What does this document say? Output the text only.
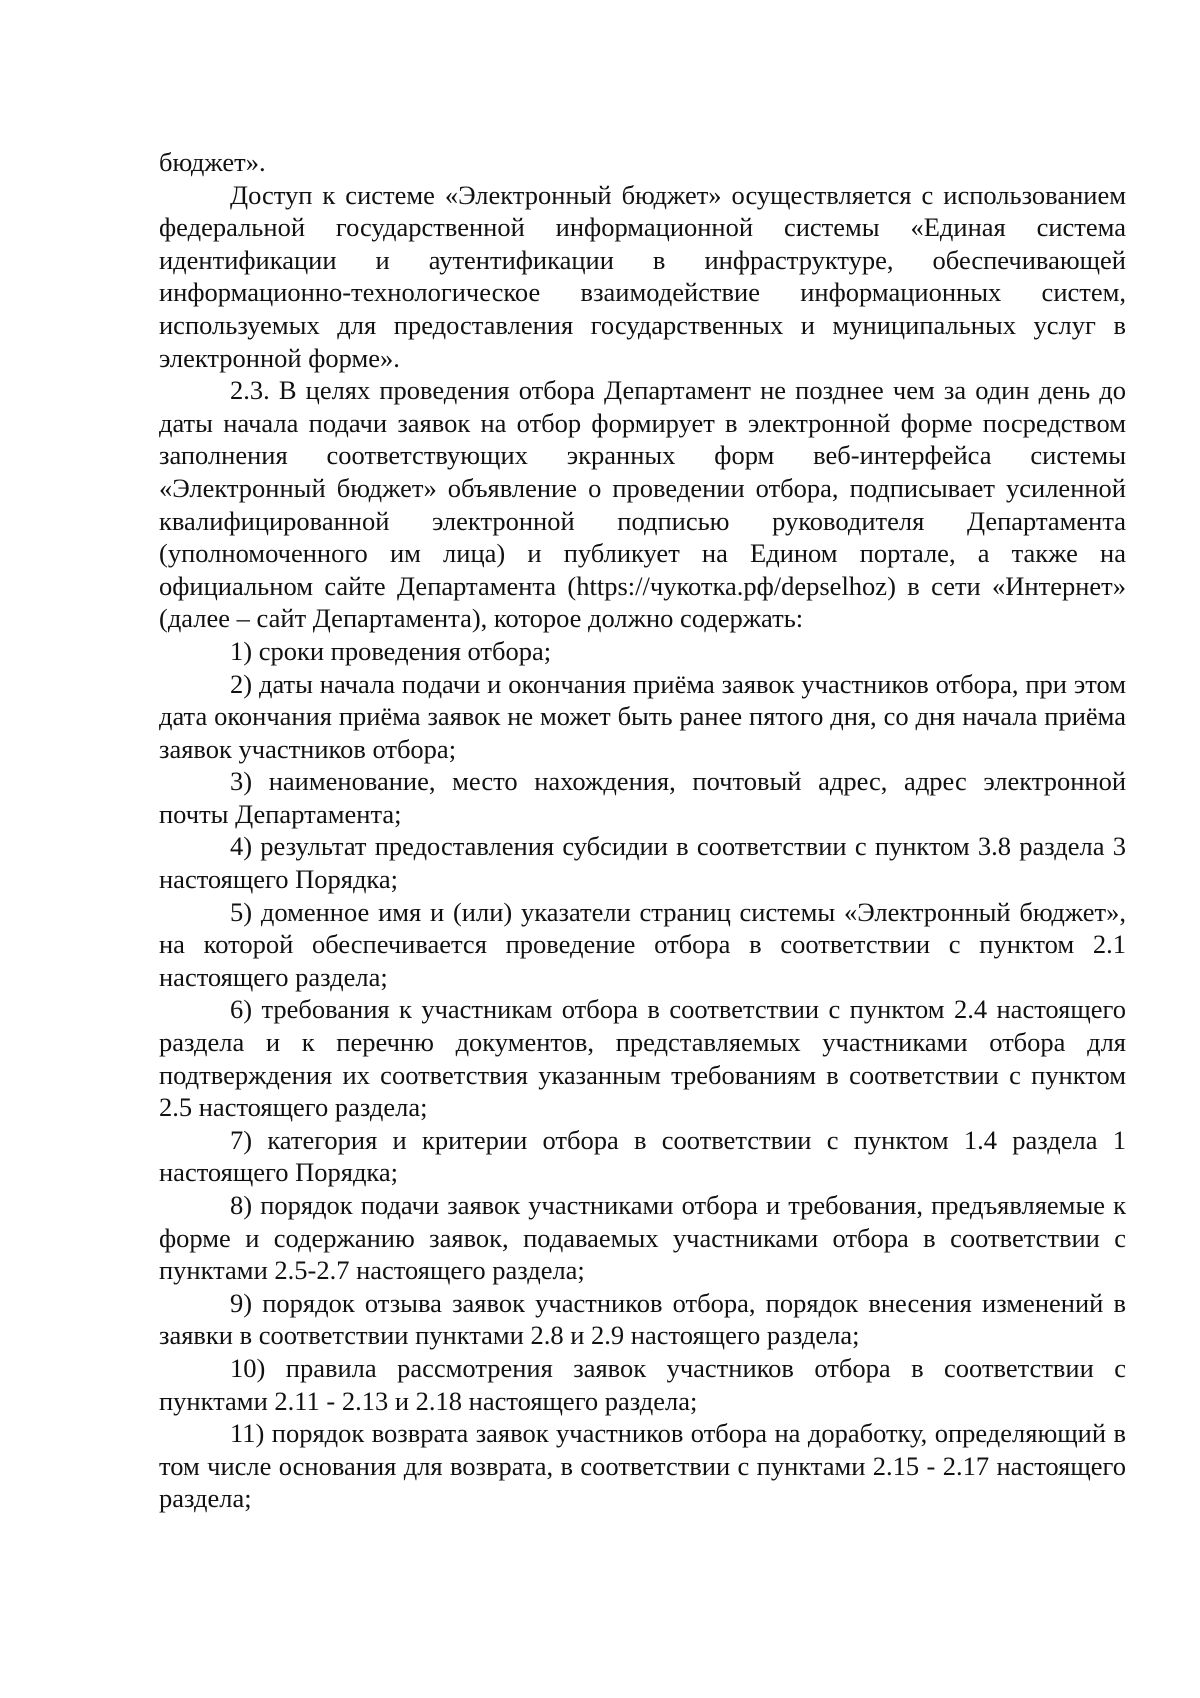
бюджет».

Доступ к системе «Электронный бюджет» осуществляется с использованием федеральной государственной информационной системы «Единая система идентификации и аутентификации в инфраструктуре, обеспечивающей информационно-технологическое взаимодействие информационных систем, используемых для предоставления государственных и муниципальных услуг в электронной форме».

2.3. В целях проведения отбора Департамент не позднее чем за один день до даты начала подачи заявок на отбор формирует в электронной форме посредством заполнения соответствующих экранных форм веб-интерфейса системы «Электронный бюджет» объявление о проведении отбора, подписывает усиленной квалифицированной электронной подписью руководителя Департамента (уполномоченного им лица) и публикует на Едином портале, а также на официальном сайте Департамента (https://чукотка.рф/depselhoz) в сети «Интернет» (далее – сайт Департамента), которое должно содержать:

1) сроки проведения отбора;

2) даты начала подачи и окончания приёма заявок участников отбора, при этом дата окончания приёма заявок не может быть ранее пятого дня, со дня начала приёма заявок участников отбора;

3) наименование, место нахождения, почтовый адрес, адрес электронной почты Департамента;

4) результат предоставления субсидии в соответствии с пунктом 3.8 раздела 3 настоящего Порядка;

5) доменное имя и (или) указатели страниц системы «Электронный бюджет», на которой обеспечивается проведение отбора в соответствии с пунктом 2.1 настоящего раздела;

6) требования к участникам отбора в соответствии с пунктом 2.4 настоящего раздела и к перечню документов, представляемых участниками отбора для подтверждения их соответствия указанным требованиям в соответствии с пунктом 2.5 настоящего раздела;

7) категория и критерии отбора в соответствии с пунктом 1.4 раздела 1 настоящего Порядка;

8) порядок подачи заявок участниками отбора и требования, предъявляемые к форме и содержанию заявок, подаваемых участниками отбора в соответствии с пунктами 2.5-2.7 настоящего раздела;

9) порядок отзыва заявок участников отбора, порядок внесения изменений в заявки в соответствии пунктами 2.8 и 2.9 настоящего раздела;

10) правила рассмотрения заявок участников отбора в соответствии с пунктами 2.11 - 2.13 и 2.18 настоящего раздела;

11) порядок возврата заявок участников отбора на доработку, определяющий в том числе основания для возврата, в соответствии с пунктами 2.15 - 2.17 настоящего раздела;
